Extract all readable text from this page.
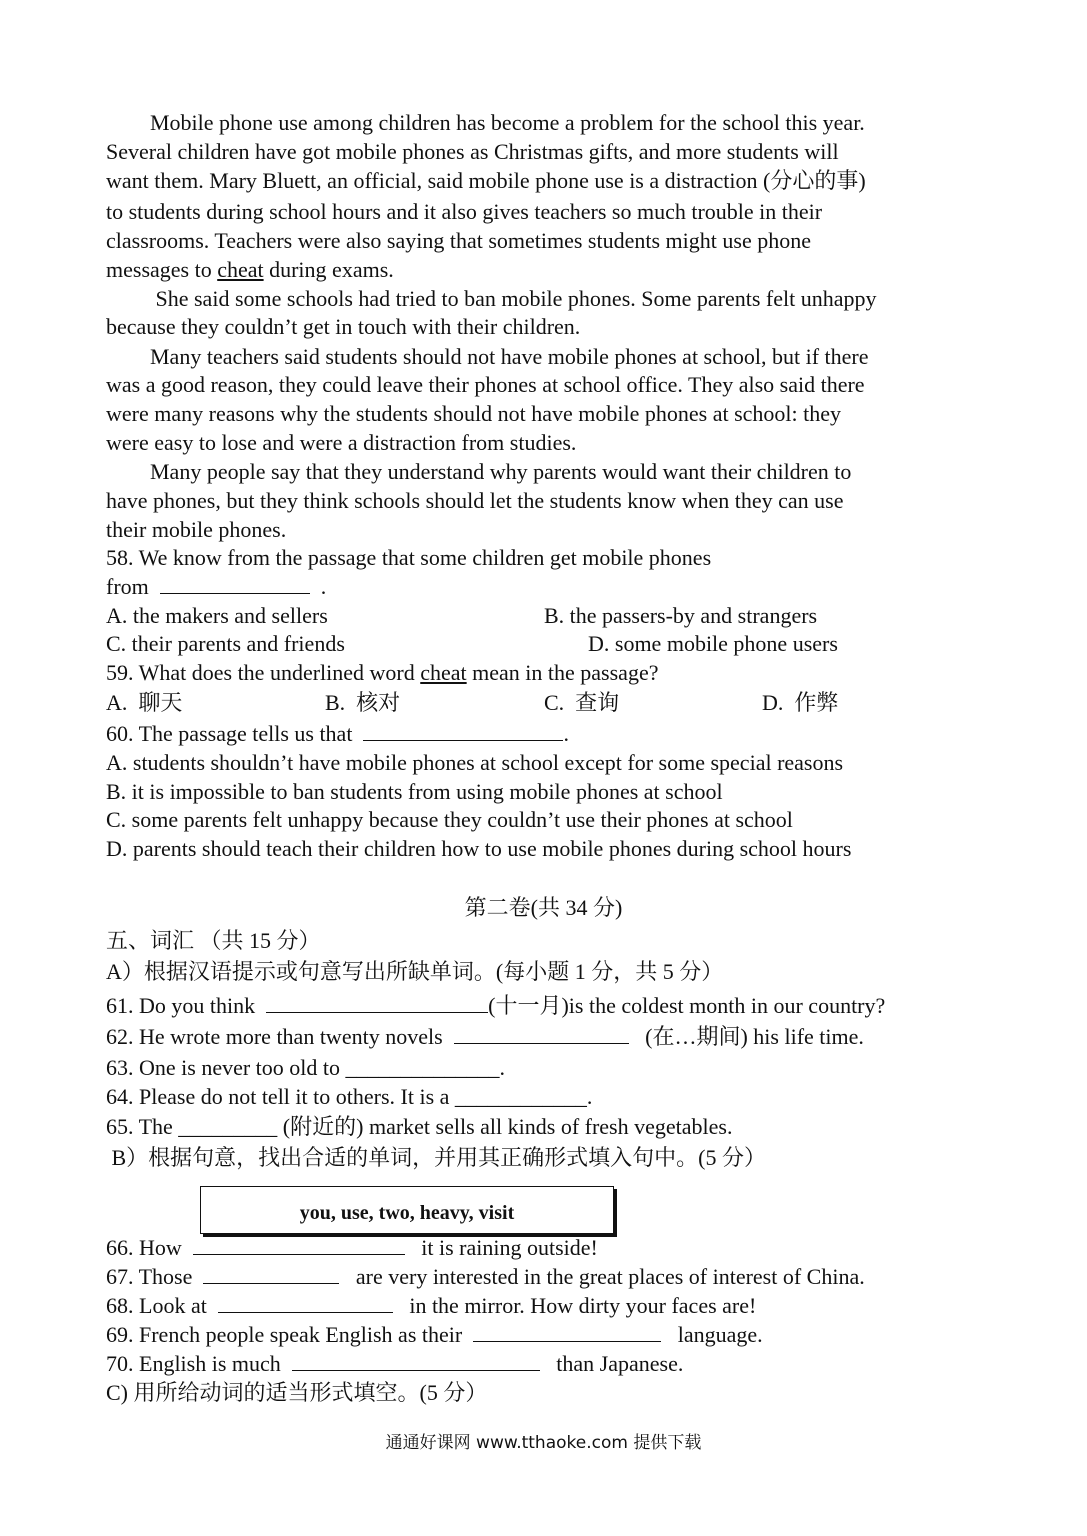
Mobile phone use among children has become a problem for the school this year.
Several children have got mobile phones as Christmas gifts, and more students will
want them. Mary Bluett, an official, said mobile phone use is a distraction (分心的事)
to students during school hours and it also gives teachers so much trouble in their
classrooms. Teachers were also saying that sometimes students might use phone
messages to cheat during exams.
She said some schools had tried to ban mobile phones. Some parents felt unhappy
because they couldn’t get in touch with their children.
Many teachers said students should not have mobile phones at school, but if there
was a good reason, they could leave their phones at school office. They also said there
were many reasons why the students should not have mobile phones at school: they
were easy to lose and were a distraction from studies.
Many people say that they understand why parents would want their children to
have phones, but they think schools should let the students know when they can use
their mobile phones.
58. We know from the passage that some children get mobile phones
from	.
A. the makers and sellers	B. the passers-by and strangers
C. their parents and friends	D. some mobile phone users
59. What does the underlined word cheat mean in the passage?
A.  聊天	B.  核对	C.  查询	D.  作弊
60. The passage tells us that	.
A. students shouldn’t have mobile phones at school except for some special reasons
B. it is impossible to ban students from using mobile phones at school
C. some parents felt unhappy because they couldn’t use their phones at school
D. parents should teach their children how to use mobile phones during school hours
第二卷(共 34 分)
五、词汇 （共 15 分）
A）根据汉语提示或句意写出所缺单词。(每小题 1 分，共 5 分）
61. Do you think	(十一月)is the coldest month in our country?
62. He wrote more than twenty novels	(在…期间) his life time.
63. One is never too old to ______________.
64. Please do not tell it to others. It is a ____________.
65. The _________ (附近的) market sells all kinds of fresh vegetables.
B）根据句意，找出合适的单词，并用其正确形式填入句中。(5 分）
you, use, two, heavy, visit
66. How	it is raining outside!
67. Those	are very interested in the great places of interest of China.
68. Look at	in the mirror. How dirty your faces are!
69. French people speak English as their	language.
70. English is much	than Japanese.
C) 用所给动词的适当形式填空。(5 分）
通通好课网 www.tthaoke.com 提供下载
